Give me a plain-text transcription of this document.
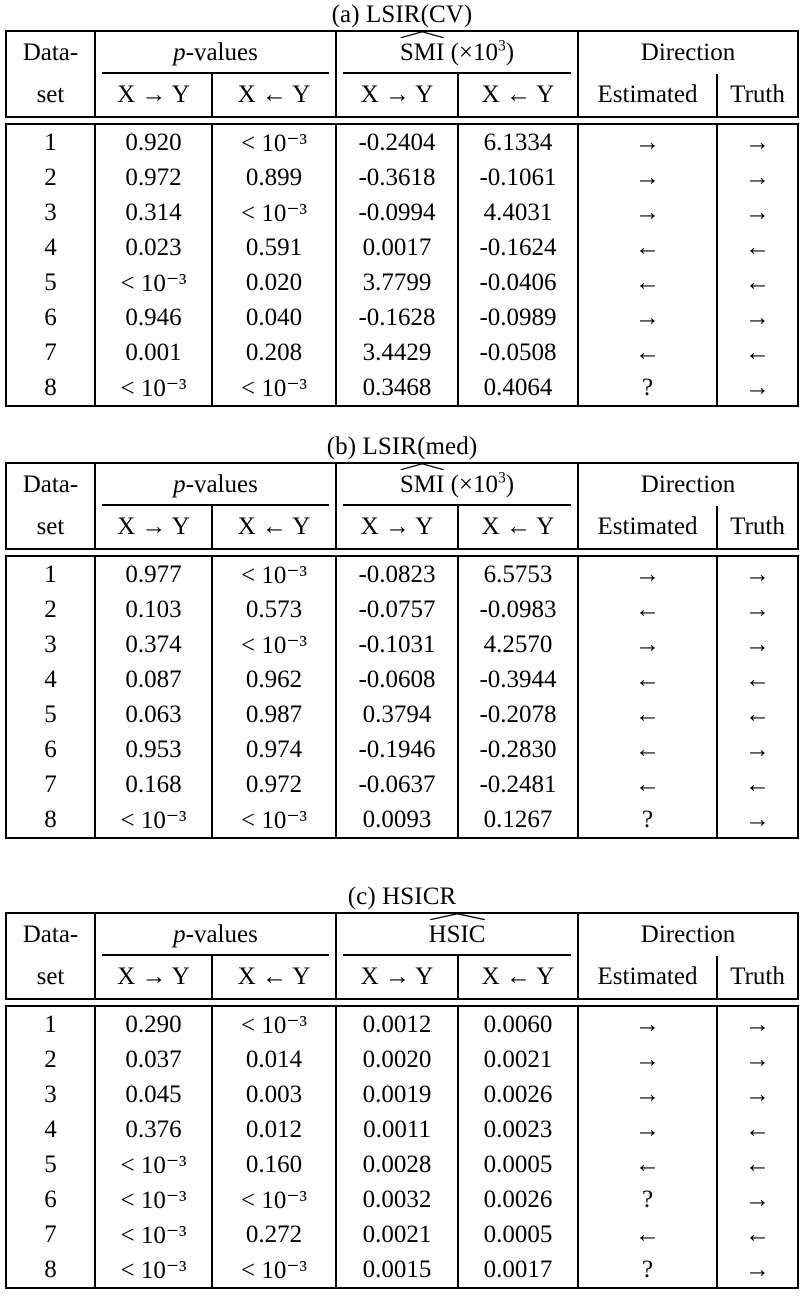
(a) LSIR(CV)
Data-	p-values		SMI $(\times 10^3)$		Direction	
set	X → Y	X ← Y	X → Y	X ← Y	Estimated	Truth
1	0.920	< 10⁻³	-0.2404	6.1334	→	→
2	0.972	0.899	-0.3618	-0.1061	→	→
3	0.314	< 10⁻³	-0.0994	4.4031	→	→
4	0.023	0.591	0.0017	-0.1624	←	←
5	< 10⁻³	0.020	3.7799	-0.0406	←	←
6	0.946	0.040	-0.1628	-0.0989	→	→
7	0.001	0.208	3.4429	-0.0508	←	←
8	< 10⁻³	< 10⁻³	0.3468	0.4064	?	→
(b) LSIR(med)
Data-	p-values		SMI $(\times 10^3)$		Direction	
set	X → Y	X ← Y	X → Y	X ← Y	Estimated	Truth
1	0.977	< 10⁻³	-0.0823	6.5753	→	→
2	0.103	0.573	-0.0757	-0.0983	←	→
3	0.374	< 10⁻³	-0.1031	4.2570	→	→
4	0.087	0.962	-0.0608	-0.3944	←	←
5	0.063	0.987	0.3794	-0.2078	←	←
6	0.953	0.974	-0.1946	-0.2830	←	→
7	0.168	0.972	-0.0637	-0.2481	←	←
8	< 10⁻³	< 10⁻³	0.0093	0.1267	?	→
(c) HSICR
Data-	p-values		HSIC		Direction	
set	X → Y	X ← Y	X → Y	X ← Y	Estimated	Truth
1	0.290	< 10⁻³	0.0012	0.0060	→	→
2	0.037	0.014	0.0020	0.0021	→	→
3	0.045	0.003	0.0019	0.0026	→	→
4	0.376	0.012	0.0011	0.0023	→	←
5	< 10⁻³	0.160	0.0028	0.0005	←	←
6	< 10⁻³	< 10⁻³	0.0032	0.0026	?	→
7	< 10⁻³	0.272	0.0021	0.0005	←	←
8	< 10⁻³	< 10⁻³	0.0015	0.0017	?	→
